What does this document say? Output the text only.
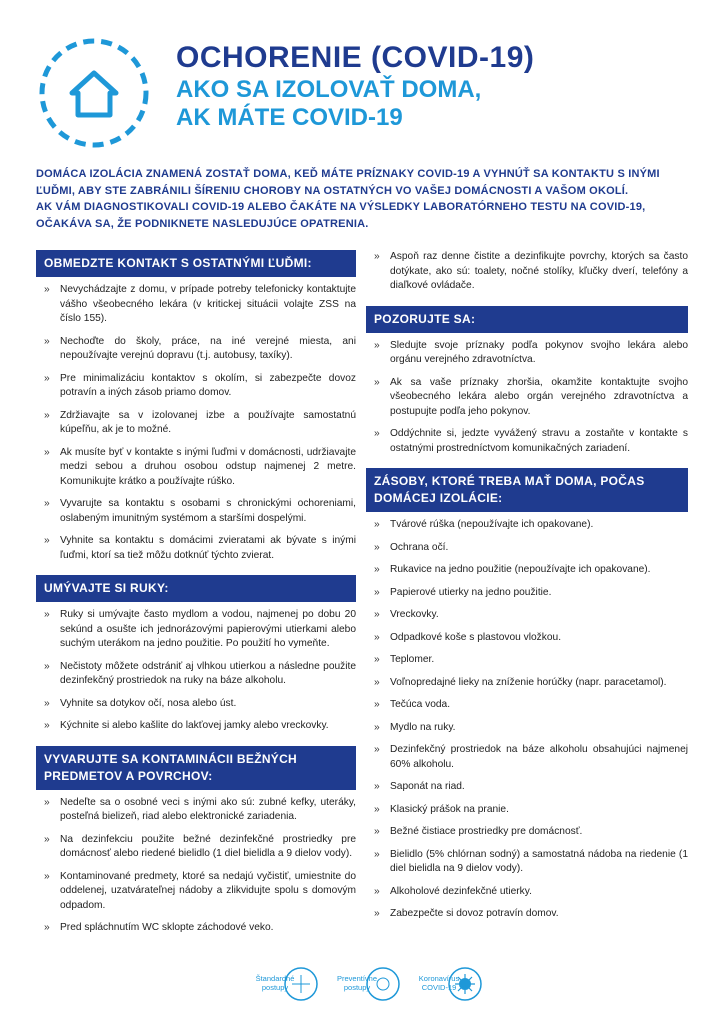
OCHORENIE (COVID-19)
AKO SA IZOLOVAŤ DOMA,
AK MÁTE COVID-19

DOMÁCA IZOLÁCIA ZNAMENÁ ZOSTAŤ DOMA, KEĎ MÁTE PRÍZNAKY COVID-19 A VYHNÚŤ SA KONTAKTU S INÝMI ĽUĎMI, ABY STE ZABRÁNILI ŠÍRENIU CHOROBY NA OSTATNÝCH VO VAŠEJ DOMÁCNOSTI A VAŠOM OKOLÍ.

AK VÁM DIAGNOSTIKOVALI COVID-19 ALEBO ČAKÁTE NA VÝSLEDKY LABORATÓRNEHO TESTU NA COVID-19, OČAKÁVA SA, ŽE PODNIKNETE NASLEDUJÚCE OPATRENIA.

OBMEDZTE KONTAKT S OSTATNÝMI ĽUĎMI:
» Nevychádzajte z domu, v prípade potreby telefonicky kontaktujte vášho všeobecného lekára (v kritickej situácii volajte ZSS na číslo 155).
» Nechoďte do školy, práce, na iné verejné miesta, ani nepoužívajte verejnú dopravu (t.j. autobusy, taxíky).
» Pre minimalizáciu kontaktov s okolím, si zabezpečte dovoz potravín a iných zásob priamo domov.
» Zdržiavajte sa v izolovanej izbe a používajte samostatnú kúpeľňu, ak je to možné.
» Ak musíte byť v kontakte s inými ľuďmi v domácnosti, udržiavajte medzi sebou a druhou osobou odstup najmenej 2 metre. Komunikujte krátko a používajte rúško.
» Vyvarujte sa kontaktu s osobami s chronickými ochoreniami, oslabeným imunitným systémom a staršími dospelými.
» Vyhnite sa kontaktu s domácimi zvieratami ak bývate s inými ľuďmi, ktorí sa tiež môžu dotknúť týchto zvierat.
UMÝVAJTE SI RUKY:
» Ruky si umývajte často mydlom a vodou, najmenej po dobu 20 sekúnd a osušte ich jednorázovými papierovými utierkami alebo suchým uterákom na jedno použitie. Po použití ho vymeňte.
» Nečistoty môžete odstrániť aj vlhkou utierkou a následne použite dezinfekčný prostriedok na ruky na báze alkoholu.
» Vyhnite sa dotykov očí, nosa alebo úst.
» Kýchnite si alebo kašlite do lakťovej jamky alebo vreckovky.
VYVARUJTE SA KONTAMINÁCII BEŽNÝCH PREDMETOV A POVRCHOV:
» Nedeľte sa o osobné veci s inými ako sú: zubné kefky, uteráky, posteľná bielizeň, riad alebo elektronické zariadenia.
» Na dezinfekciu použite bežné dezinfekčné prostriedky pre domácnosť alebo riedené bielidlo (1 diel bielidla a 9 dielov vody).
» Kontaminované predmety, ktoré sa nedajú vyčistiť, umiestnite do oddelenej, uzatvárateľnej nádoby a zlikvidujte spolu s domovým odpadom.
» Pred spláchnutím WC sklopte záchodové veko.
» Aspoň raz denne čistite a dezinfikujte povrchy, ktorých sa často dotýkate, ako sú: toalety, nočné stolíky, kľučky dverí, telefóny a diaľkové ovládače.
POZORUJTE SA:
» Sledujte svoje príznaky podľa pokynov svojho lekára alebo orgánu verejného zdravotníctva.
» Ak sa vaše príznaky zhoršia, okamžite kontaktujte svojho všeobecného lekára alebo orgán verejného zdravotníctva a postupujte podľa jeho pokynov.
» Oddýchnite si, jedzte vyvážený stravu a zostaňte v kontakte s ostatnými prostredníctvom komunikačných zariadení.
ZÁSOBY, KTORÉ TREBA MAŤ DOMA, POČAS DOMÁCEJ IZOLÁCIE:
» Tvárové rúška (nepoužívajte ich opakovane).
» Ochrana očí.
» Rukavice na jedno použitie (nepoužívajte ich opakovane).
» Papierové utierky na jedno použitie.
» Vreckovky.
» Odpadkové koše s plastovou vložkou.
» Teplomer.
» Voľnopredajné lieky na zníženie horúčky (napr. paracetamol).
» Tečúca voda.
» Mydlo na ruky.
» Dezinfekčný prostriedok na báze alkoholu obsahujúci najmenej 60% alkoholu.
» Saponát na riad.
» Klasický prášok na pranie.
» Bežné čistiace prostriedky pre domácnosť.
» Bielidlo (5% chlórnan sodný) a samostatná nádoba na riedenie (1 diel bielidla na 9 dielov vody).
» Alkoholové dezinfekčné utierky.
» Zabezpečte si dovoz potravín domov.
Štandardné
postupy
Preventívne
postupy
Koronavírus
COVID-19
